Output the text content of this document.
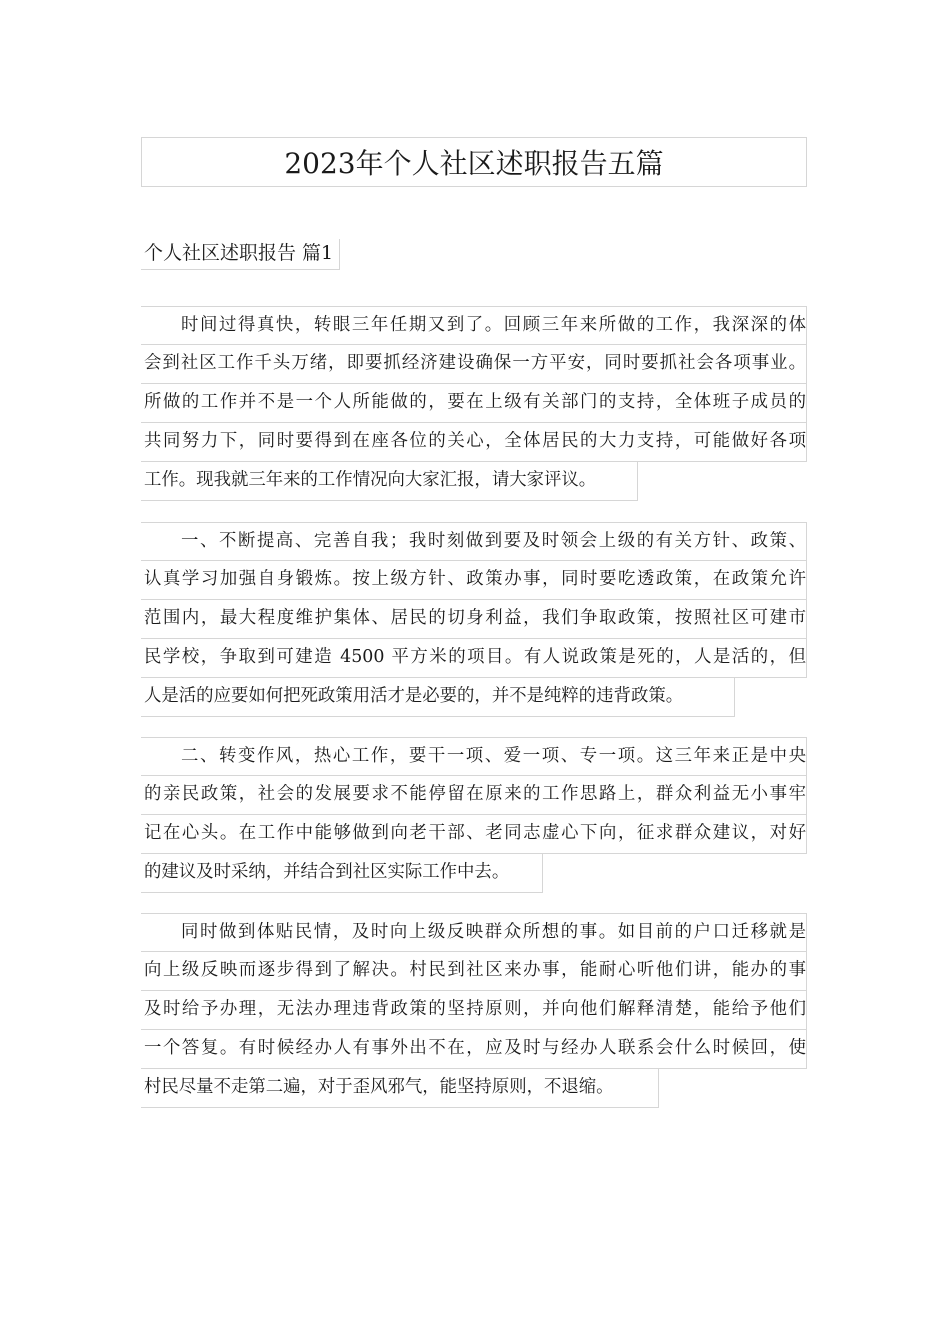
2023年个人社区述职报告五篇
个人社区述职报告 篇1
时间过得真快，转眼三年任期又到了。回顾三年来所做的工作，我深深的体
会到社区工作千头万绪，即要抓经济建设确保一方平安，同时要抓社会各项事业。
所做的工作并不是一个人所能做的，要在上级有关部门的支持，全体班子成员的
共同努力下，同时要得到在座各位的关心，全体居民的大力支持，可能做好各项
工作。现我就三年来的工作情况向大家汇报，请大家评议。
一、不断提高、完善自我；我时刻做到要及时领会上级的有关方针、政策、
认真学习加强自身锻炼。按上级方针、政策办事，同时要吃透政策，在政策允许
范围内，最大程度维护集体、居民的切身利益，我们争取政策，按照社区可建市
民学校，争取到可建造 4500 平方米的项目。有人说政策是死的，人是活的，但
人是活的应要如何把死政策用活才是必要的，并不是纯粹的违背政策。
二、转变作风，热心工作，要干一项、爱一项、专一项。这三年来正是中央
的亲民政策，社会的发展要求不能停留在原来的工作思路上，群众利益无小事牢
记在心头。在工作中能够做到向老干部、老同志虚心下向，征求群众建议，对好
的建议及时采纳，并结合到社区实际工作中去。
同时做到体贴民情，及时向上级反映群众所想的事。如目前的户口迁移就是
向上级反映而逐步得到了解决。村民到社区来办事，能耐心听他们讲，能办的事
及时给予办理，无法办理违背政策的坚持原则，并向他们解释清楚，能给予他们
一个答复。有时候经办人有事外出不在，应及时与经办人联系会什么时候回，使
村民尽量不走第二遍，对于歪风邪气，能坚持原则，不退缩。
